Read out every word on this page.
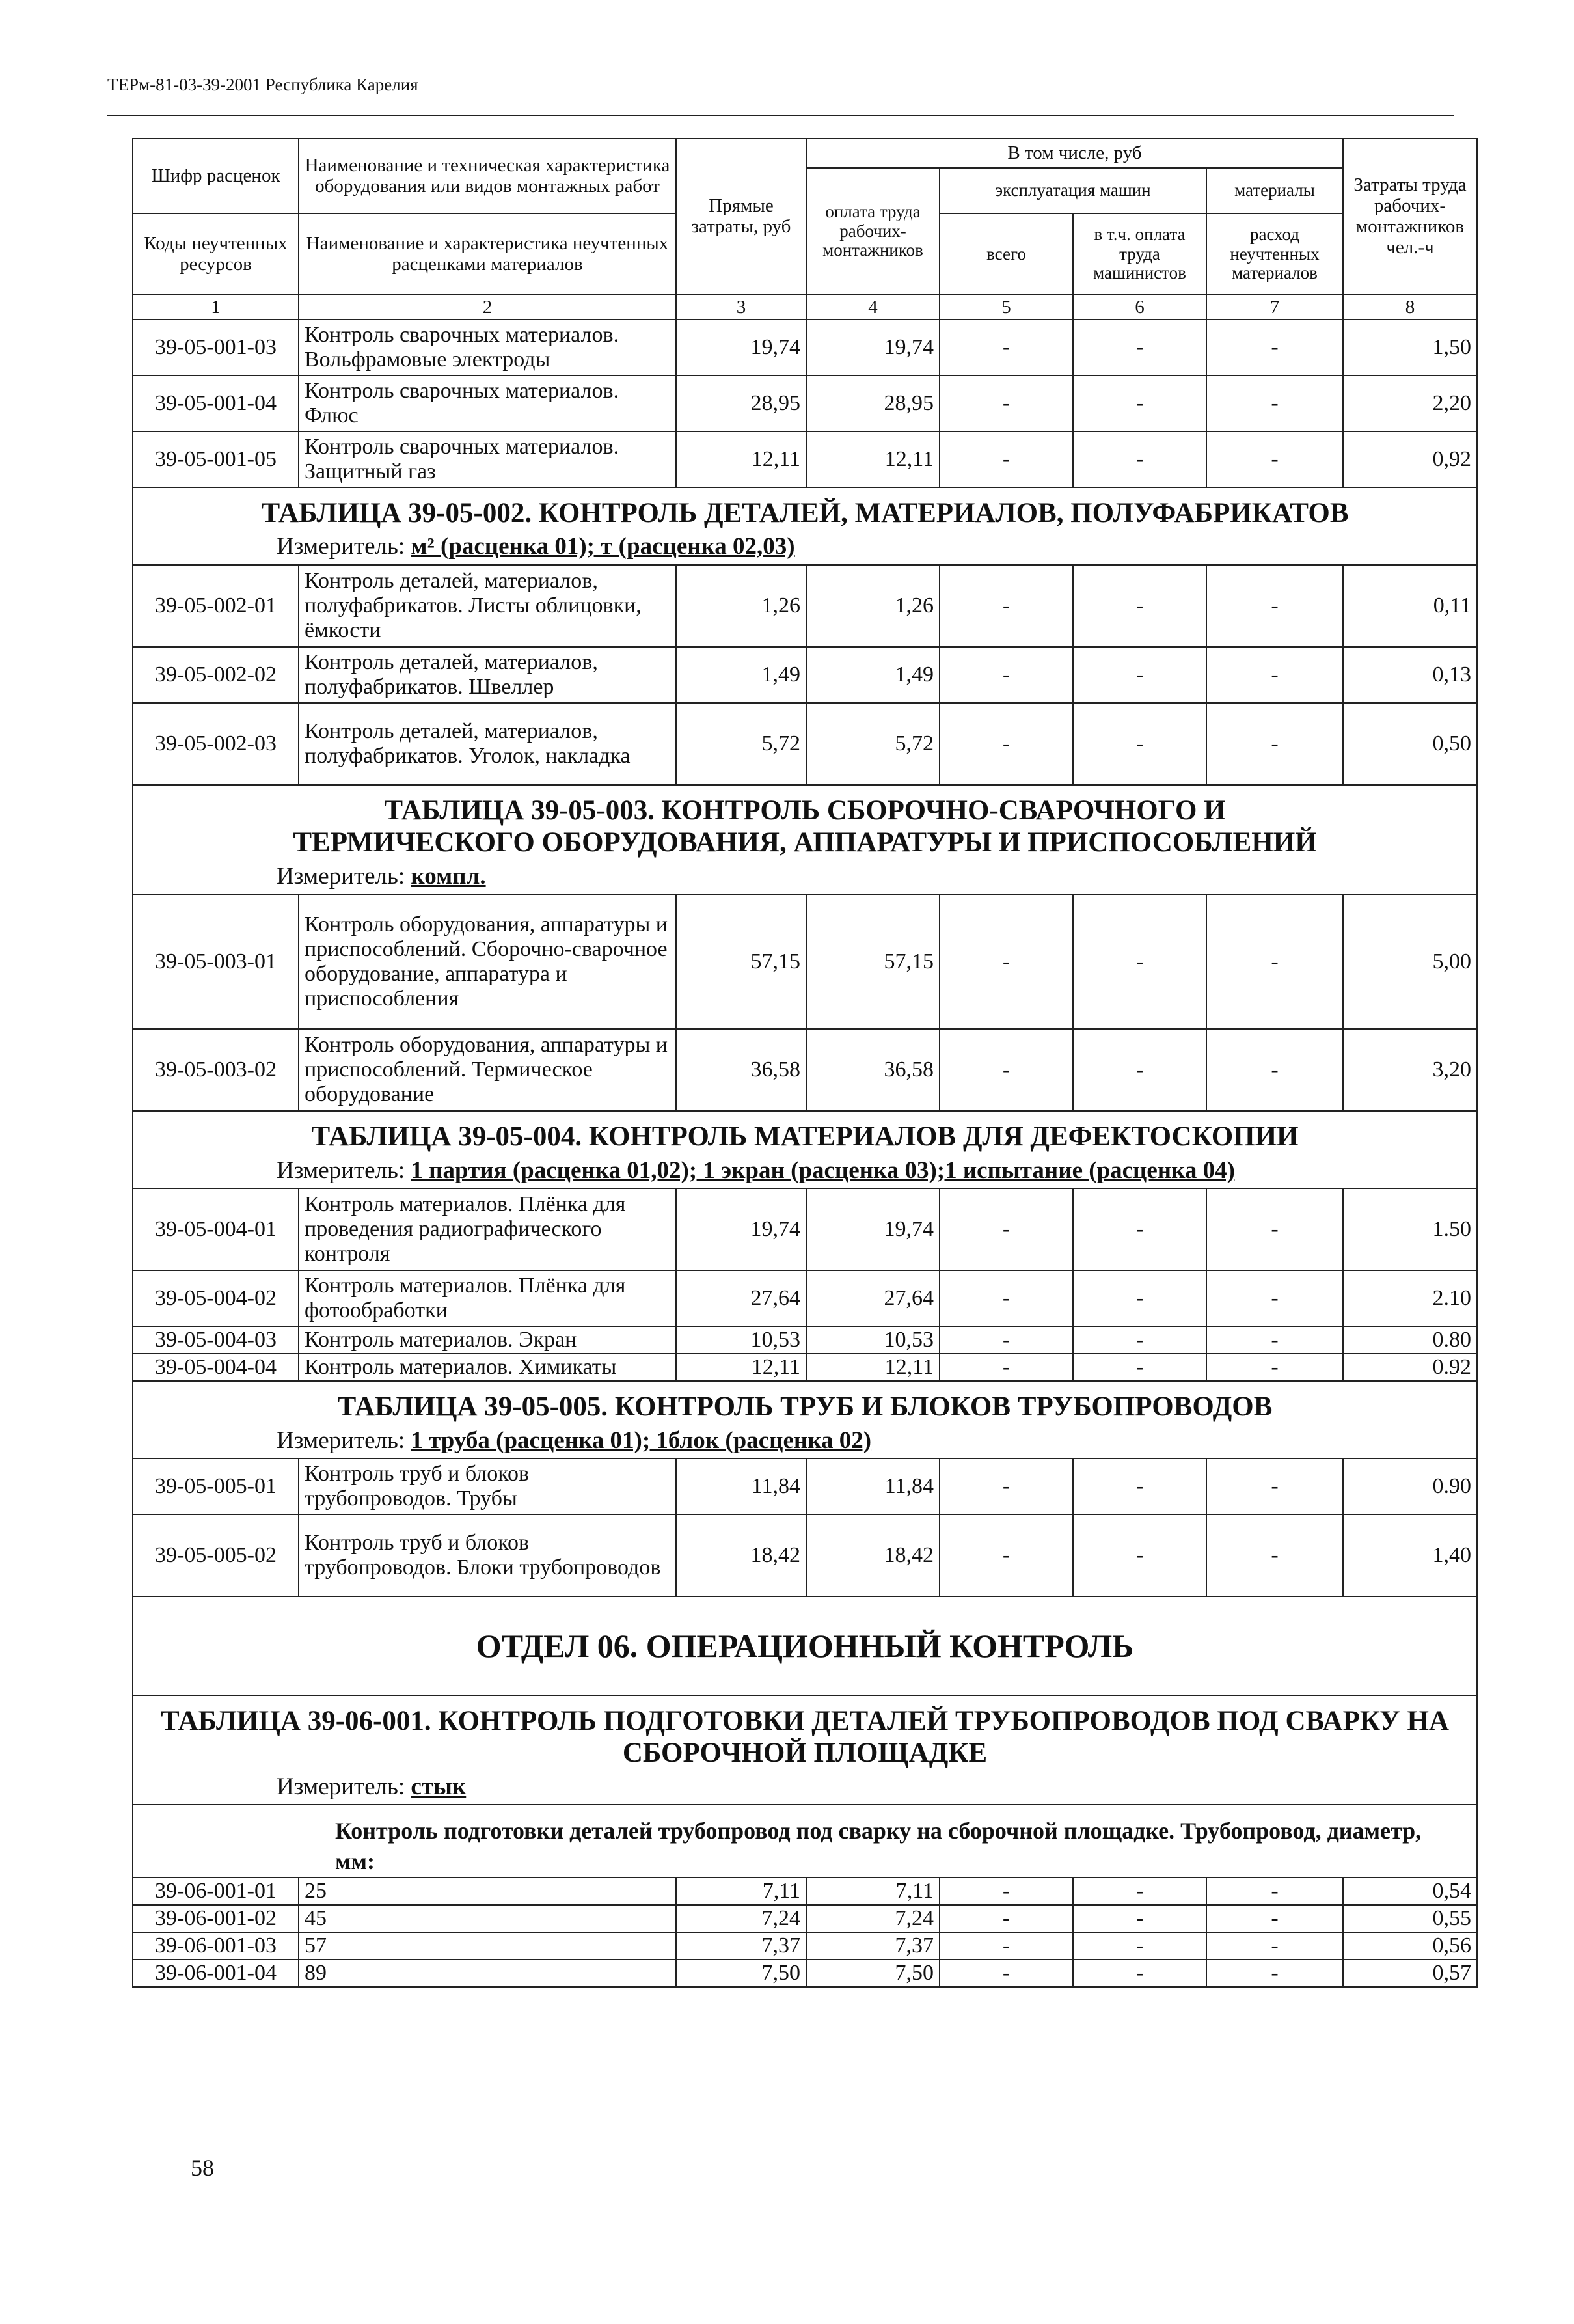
ТЕРм-81-03-39-2001 Республика Карелия
Шифр расценок	Наименование и техническая характеристика оборудования или видов монтажных работ	Прямые затраты, руб	В том числе, руб				Затраты труда рабочих-монтажников чел.-ч
			оплата труда рабочих-монтажников	эксплуатация машин		материалы	

Коды неучтенных ресурсов	Наименование и характеристика неучтенных расценками материалов			всего	в т.ч. оплата труда машинистов	расход неучтенных материалов	

1	2	3	4	5	6	7	8
39-05-001-03	Контроль сварочных материалов. Вольфрамовые электроды	19,74	19,74	-	-	-	1,50
39-05-001-04	Контроль сварочных материалов. Флюс	28,95	28,95	-	-	-	2,20
39-05-001-05	Контроль сварочных материалов. Защитный газ	12,11	12,11	-	-	-	0,92
ТАБЛИЦА 39-05-002. КОНТРОЛЬ ДЕТАЛЕЙ, МАТЕРИАЛОВ, ПОЛУФАБРИКАТОВ							
Измеритель: м² (расценка 01); т (расценка 02,03)							
39-05-002-01	Контроль деталей, материалов, полуфабрикатов. Листы облицовки, ёмкости	1,26	1,26	-	-	-	0,11
39-05-002-02	Контроль деталей, материалов, полуфабрикатов. Швеллер	1,49	1,49	-	-	-	0,13
39-05-002-03	Контроль деталей, материалов, полуфабрикатов. Уголок, накладка	5,72	5,72	-	-	-	0,50
ТАБЛИЦА 39-05-003. КОНТРОЛЬ СБОРОЧНО-СВАРОЧНОГО И ТЕРМИЧЕСКОГО ОБОРУДОВАНИЯ, АППАРАТУРЫ И ПРИСПОСОБЛЕНИЙ							
Измеритель: компл.							
39-05-003-01	Контроль оборудования, аппаратуры и приспособлений. Сборочно-сварочное оборудование, аппаратура и приспособления	57,15	57,15	-	-	-	5,00
39-05-003-02	Контроль оборудования, аппаратуры и приспособлений. Термическое оборудование	36,58	36,58	-	-	-	3,20
ТАБЛИЦА 39-05-004. КОНТРОЛЬ МАТЕРИАЛОВ ДЛЯ ДЕФЕКТОСКОПИИ							
Измеритель: 1 партия (расценка 01,02); 1 экран (расценка 03);1 испытание (расценка 04)							
39-05-004-01	Контроль материалов. Плёнка для проведения радиографического контроля	19,74	19,74	-	-	-	1.50
39-05-004-02	Контроль материалов. Плёнка для фотообработки	27,64	27,64	-	-	-	2.10
39-05-004-03	Контроль материалов. Экран	10,53	10,53	-	-	-	0.80
39-05-004-04	Контроль материалов. Химикаты	12,11	12,11	-	-	-	0.92
ТАБЛИЦА 39-05-005. КОНТРОЛЬ ТРУБ И БЛОКОВ ТРУБОПРОВОДОВ							
Измеритель: 1 труба (расценка 01); 1блок (расценка 02)							
39-05-005-01	Контроль труб и блоков трубопроводов. Трубы	11,84	11,84	-	-	-	0.90
39-05-005-02	Контроль труб и блоков трубопроводов. Блоки трубопроводов	18,42	18,42	-	-	-	1,40
ОТДЕЛ 06. ОПЕРАЦИОННЫЙ КОНТРОЛЬ							
ТАБЛИЦА 39-06-001. КОНТРОЛЬ ПОДГОТОВКИ ДЕТАЛЕЙ ТРУБОПРОВОДОВ ПОД СВАРКУ НА СБОРОЧНОЙ ПЛОЩАДКЕ							
Измеритель: стык							
Контроль подготовки деталей трубопровод под сварку на сборочной площадке. Трубопровод, диаметр, мм:							
39-06-001-01	25	7,11	7,11	-	-	-	0,54
39-06-001-02	45	7,24	7,24	-	-	-	0,55
39-06-001-03	57	7,37	7,37	-	-	-	0,56
39-06-001-04	89	7,50	7,50	-	-	-	0,57
58
